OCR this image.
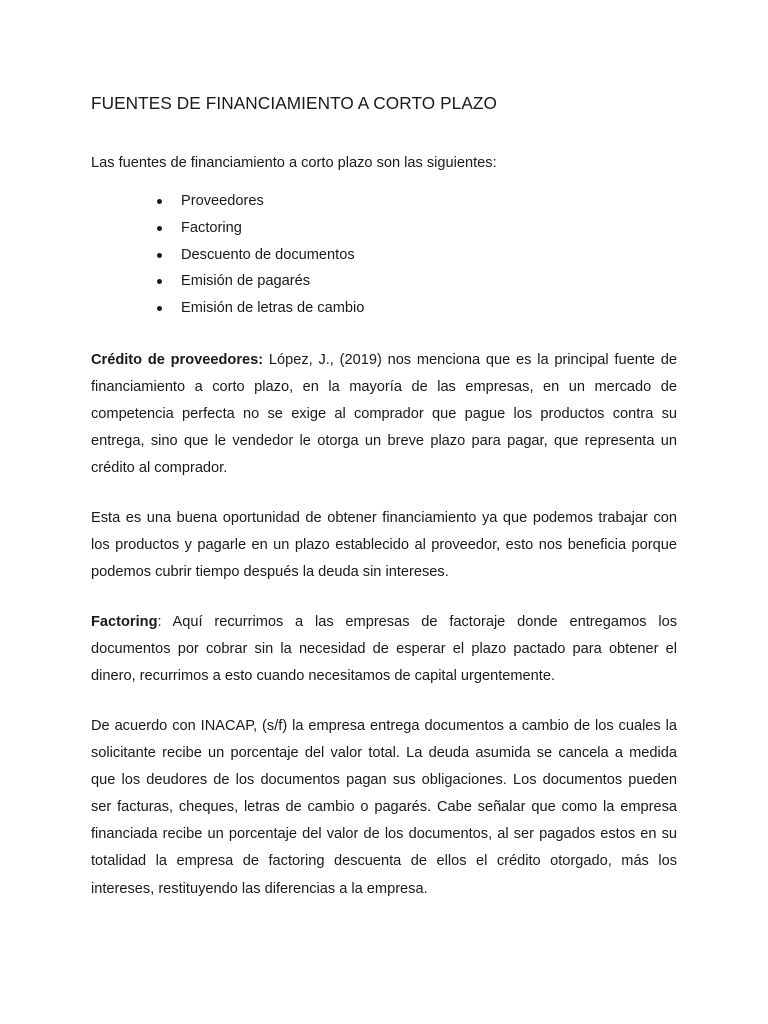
FUENTES DE FINANCIAMIENTO A CORTO PLAZO

Las fuentes de financiamiento a corto plazo son las siguientes:

Proveedores
Factoring
Descuento de documentos
Emisión de pagarés
Emisión de letras de cambio

Crédito de proveedores: López, J., (2019) nos menciona que es la principal fuente de financiamiento a corto plazo, en la mayoría de las empresas, en un mercado de competencia perfecta no se exige al comprador que pague los productos contra su entrega, sino que le vendedor le otorga un breve plazo para pagar, que representa un crédito al comprador.

Esta es una buena oportunidad de obtener financiamiento ya que podemos trabajar con los productos y pagarle en un plazo establecido al proveedor, esto nos beneficia porque podemos cubrir tiempo después la deuda sin intereses.

Factoring: Aquí recurrimos a las empresas de factoraje donde entregamos los documentos por cobrar sin la necesidad de esperar el plazo pactado para obtener el dinero, recurrimos a esto cuando necesitamos de capital urgentemente.

De acuerdo con INACAP, (s/f) la empresa entrega documentos a cambio de los cuales la solicitante recibe un porcentaje del valor total. La deuda asumida se cancela a medida que los deudores de los documentos pagan sus obligaciones. Los documentos pueden ser facturas, cheques, letras de cambio o pagarés. Cabe señalar que como la empresa financiada recibe un porcentaje del valor de los documentos, al ser pagados estos en su totalidad la empresa de factoring descuenta de ellos el crédito otorgado, más los intereses, restituyendo las diferencias a la empresa.
